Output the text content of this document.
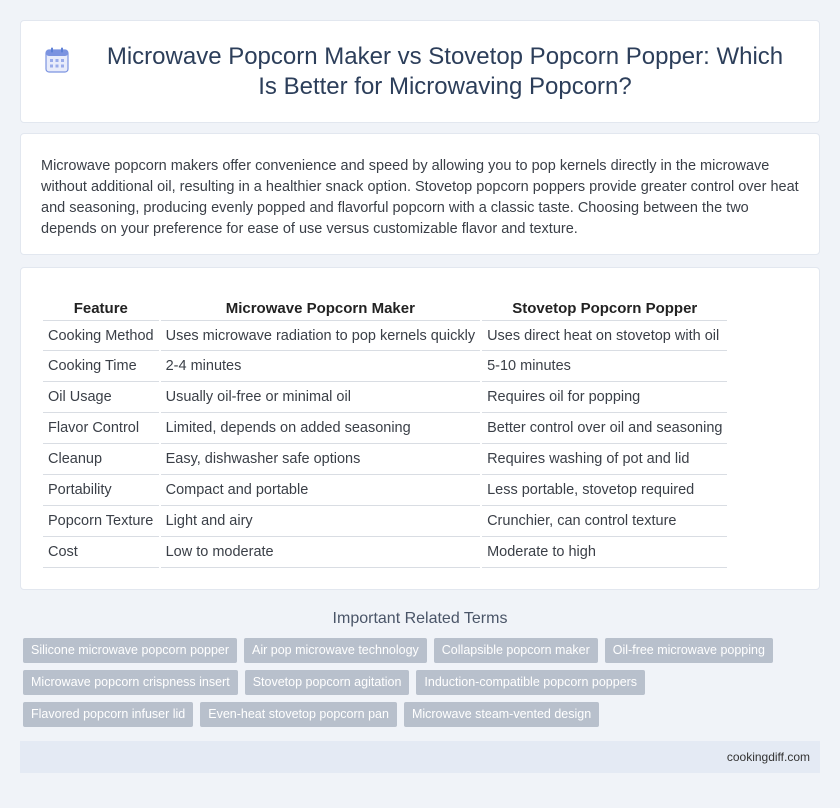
Microwave Popcorn Maker vs Stovetop Popcorn Popper: Which Is Better for Microwaving Popcorn?

Microwave popcorn makers offer convenience and speed by allowing you to pop kernels directly in the microwave without additional oil, resulting in a healthier snack option. Stovetop popcorn poppers provide greater control over heat and seasoning, producing evenly popped and flavorful popcorn with a classic taste. Choosing between the two depends on your preference for ease of use versus customizable flavor and texture.

Feature	Microwave Popcorn Maker	Stovetop Popcorn Popper
Cooking Method	Uses microwave radiation to pop kernels quickly	Uses direct heat on stovetop with oil
Cooking Time	2-4 minutes	5-10 minutes
Oil Usage	Usually oil-free or minimal oil	Requires oil for popping
Flavor Control	Limited, depends on added seasoning	Better control over oil and seasoning
Cleanup	Easy, dishwasher safe options	Requires washing of pot and lid
Portability	Compact and portable	Less portable, stovetop required
Popcorn Texture	Light and airy	Crunchier, can control texture
Cost	Low to moderate	Moderate to high
Important Related Terms
Silicone microwave popcorn popper	Air pop microwave technology	Collapsible popcorn maker	Oil-free microwave popping
Microwave popcorn crispness insert	Stovetop popcorn agitation	Induction-compatible popcorn poppers
Flavored popcorn infuser lid	Even-heat stovetop popcorn pan	Microwave steam-vented design
cookingdiff.com
